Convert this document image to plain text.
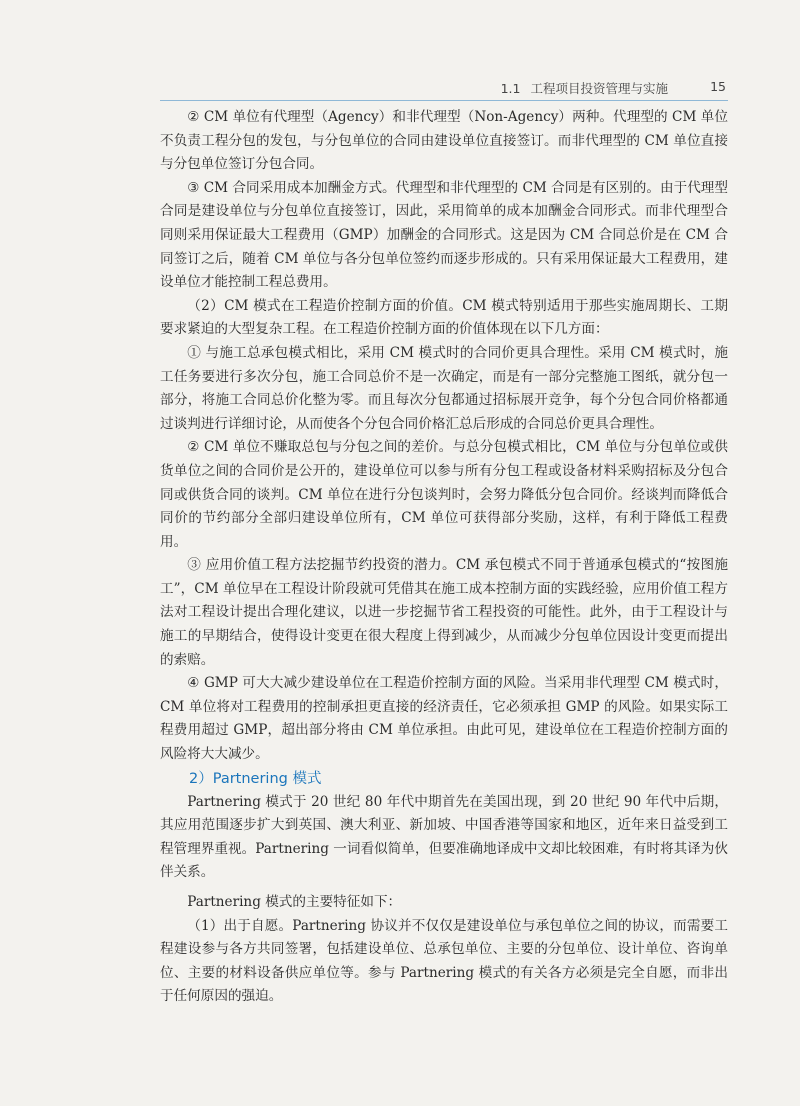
1.1 工程项目投资管理与实施	15

② CM 单位有代理型（Agency）和非代理型（Non-Agency）两种。代理型的 CM 单位不负责工程分包的发包，与分包单位的合同由建设单位直接签订。而非代理型的 CM 单位直接与分包单位签订分包合同。

③ CM 合同采用成本加酬金方式。代理型和非代理型的 CM 合同是有区别的。由于代理型合同是建设单位与分包单位直接签订，因此，采用简单的成本加酬金合同形式。而非代理型合同则采用保证最大工程费用（GMP）加酬金的合同形式。这是因为 CM 合同总价是在 CM 合同签订之后，随着 CM 单位与各分包单位签约而逐步形成的。只有采用保证最大工程费用，建设单位才能控制工程总费用。

（2）CM 模式在工程造价控制方面的价值。CM 模式特别适用于那些实施周期长、工期要求紧迫的大型复杂工程。在工程造价控制方面的价值体现在以下几方面：

① 与施工总承包模式相比，采用 CM 模式时的合同价更具合理性。采用 CM 模式时，施工任务要进行多次分包，施工合同总价不是一次确定，而是有一部分完整施工图纸，就分包一部分，将施工合同总价化整为零。而且每次分包都通过招标展开竞争，每个分包合同价格都通过谈判进行详细讨论，从而使各个分包合同价格汇总后形成的合同总价更具合理性。

② CM 单位不赚取总包与分包之间的差价。与总分包模式相比，CM 单位与分包单位或供货单位之间的合同价是公开的，建设单位可以参与所有分包工程或设备材料采购招标及分包合同或供货合同的谈判。CM 单位在进行分包谈判时，会努力降低分包合同价。经谈判而降低合同价的节约部分全部归建设单位所有，CM 单位可获得部分奖励，这样，有利于降低工程费用。

③ 应用价值工程方法挖掘节约投资的潜力。CM 承包模式不同于普通承包模式的“按图施工”，CM 单位早在工程设计阶段就可凭借其在施工成本控制方面的实践经验，应用价值工程方法对工程设计提出合理化建议，以进一步挖掘节省工程投资的可能性。此外，由于工程设计与施工的早期结合，使得设计变更在很大程度上得到减少，从而减少分包单位因设计变更而提出的索赔。

④ GMP 可大大减少建设单位在工程造价控制方面的风险。当采用非代理型 CM 模式时，CM 单位将对工程费用的控制承担更直接的经济责任，它必须承担 GMP 的风险。如果实际工程费用超过 GMP，超出部分将由 CM 单位承担。由此可见，建设单位在工程造价控制方面的风险将大大减少。

2）Partnering 模式

Partnering 模式于 20 世纪 80 年代中期首先在美国出现，到 20 世纪 90 年代中后期，其应用范围逐步扩大到英国、澳大利亚、新加坡、中国香港等国家和地区，近年来日益受到工程管理界重视。Partnering 一词看似简单，但要准确地译成中文却比较困难，有时将其译为伙伴关系。

Partnering 模式的主要特征如下：

（1）出于自愿。Partnering 协议并不仅仅是建设单位与承包单位之间的协议，而需要工程建设参与各方共同签署，包括建设单位、总承包单位、主要的分包单位、设计单位、咨询单位、主要的材料设备供应单位等。参与 Partnering 模式的有关各方必须是完全自愿，而非出于任何原因的强迫。
